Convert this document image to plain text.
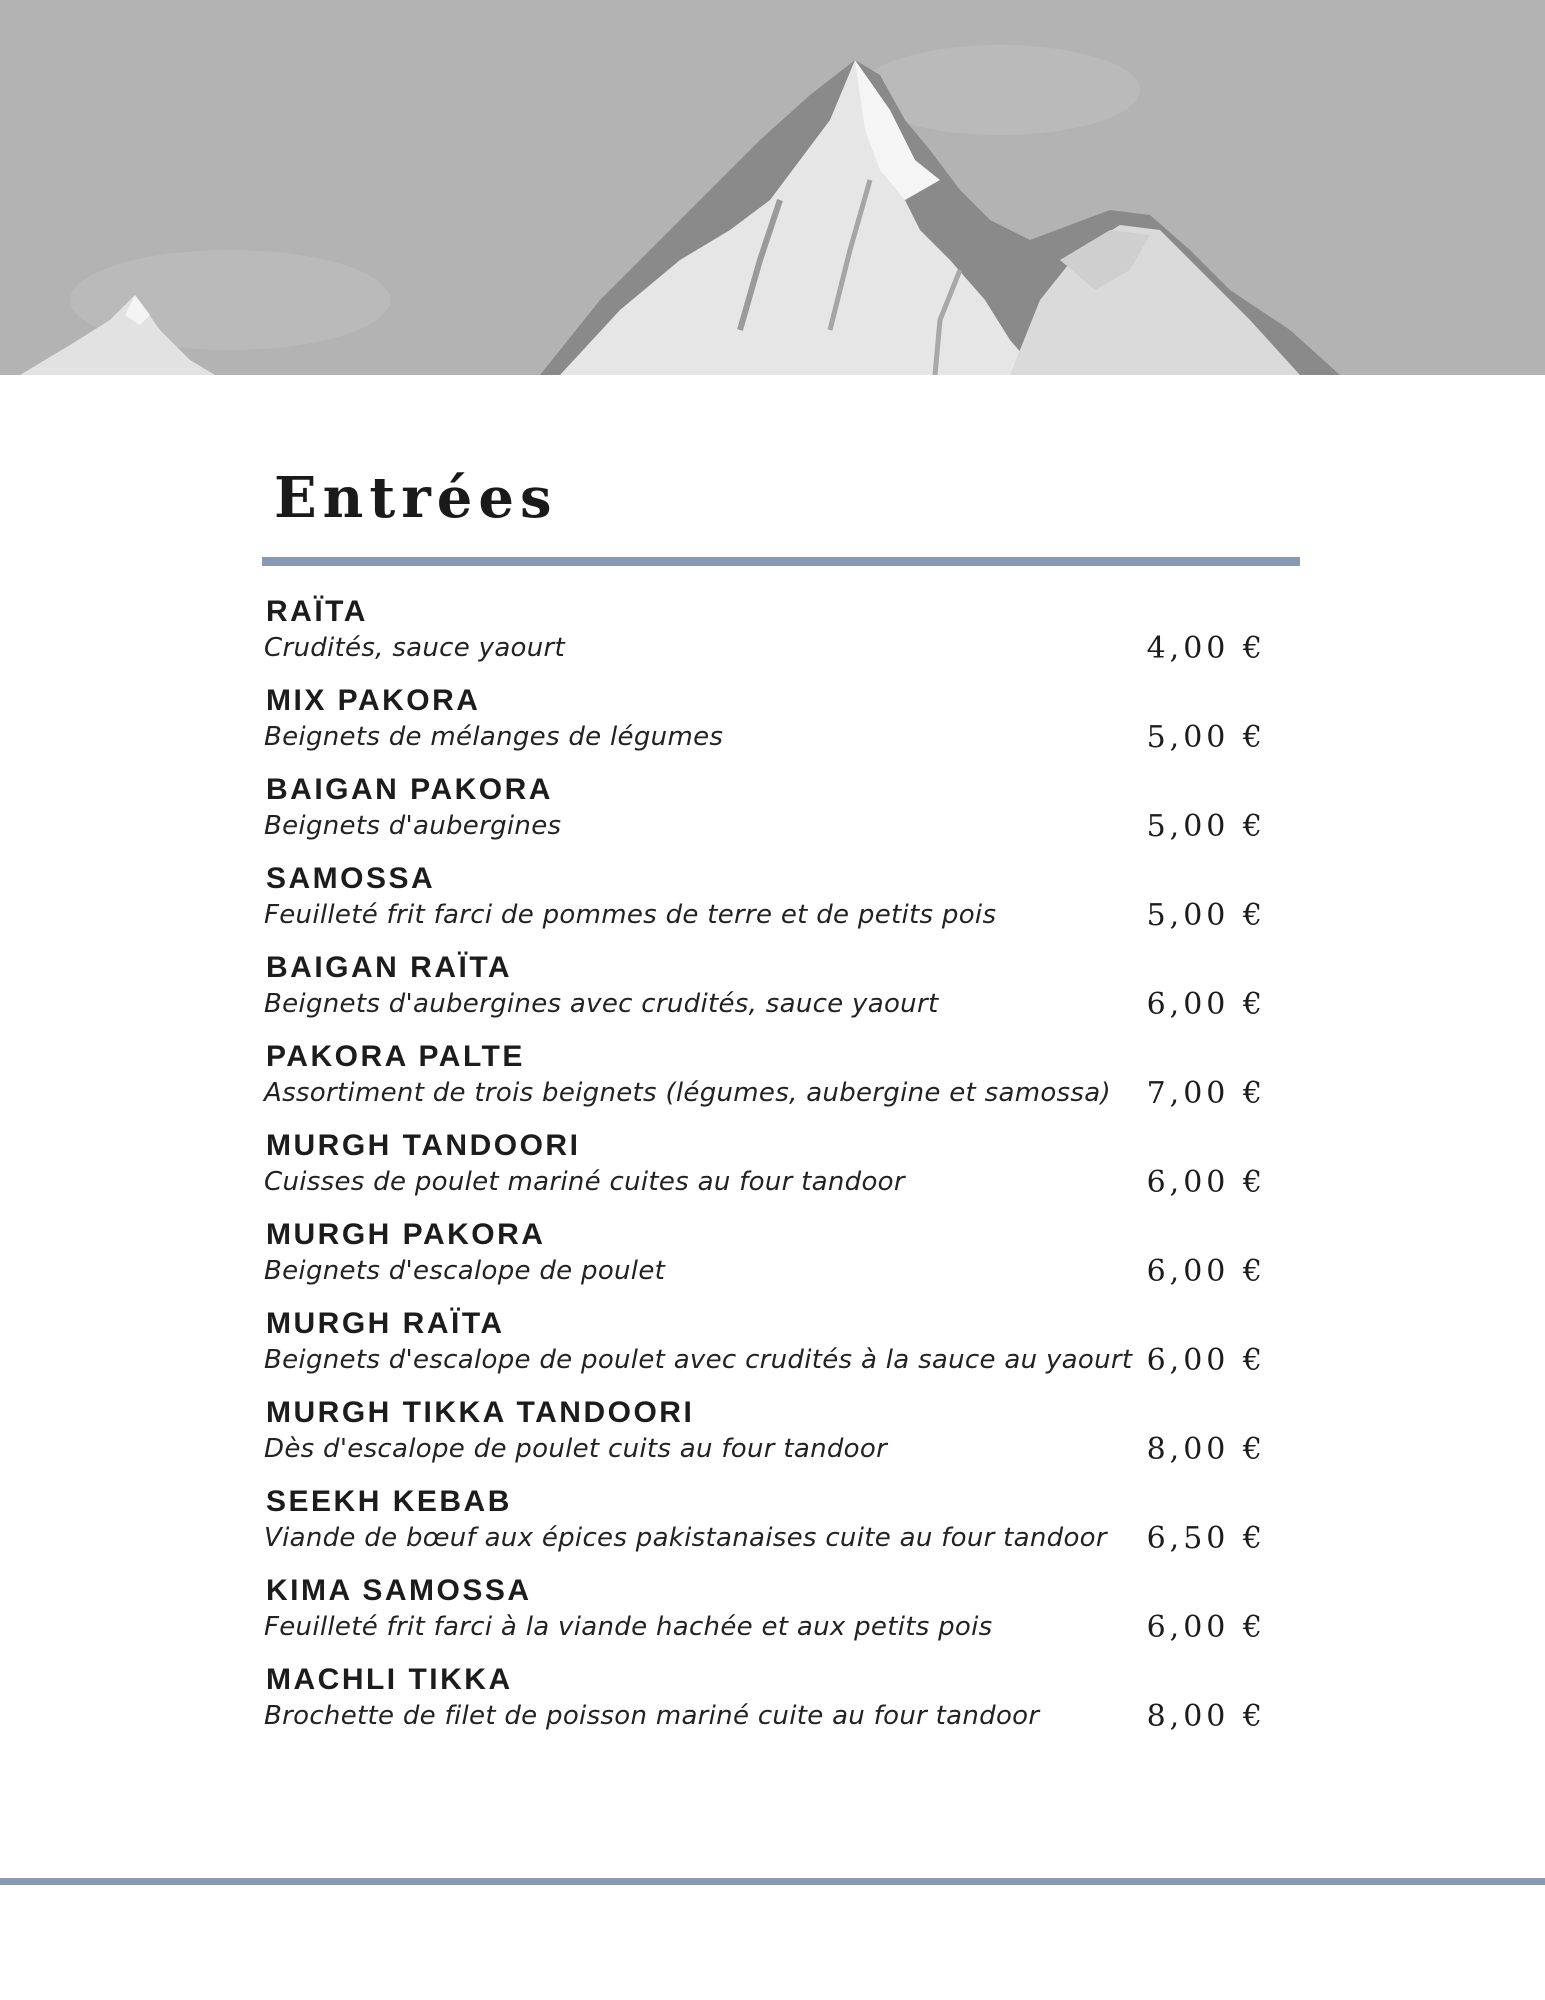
Entrées
RAÏTA
Crudités, sauce yaourt	4,00 €
MIX PAKORA
Beignets de mélanges de légumes	5,00 €
BAIGAN PAKORA
Beignets d'aubergines	5,00 €
SAMOSSA
Feuilleté frit farci de pommes de terre et de petits pois	5,00 €
BAIGAN RAÏTA
Beignets d'aubergines avec crudités, sauce yaourt	6,00 €
PAKORA PALTE
Assortiment de trois beignets (légumes, aubergine et samossa) 7,00 €
MURGH TANDOORI
Cuisses de poulet mariné cuites au four tandoor	6,00 €
MURGH PAKORA
Beignets d'escalope de poulet	6,00 €
MURGH RAÏTA
Beignets d'escalope de poulet avec crudités à la sauce au yaourt 6,00 €
MURGH TIKKA TANDOORI
Dès d'escalope de poulet cuits au four tandoor	8,00 €
SEEKH KEBAB
Viande de bœuf aux épices pakistanaises cuite au four tandoor 6,50 €
KIMA SAMOSSA
Feuilleté frit farci à la viande hachée et aux petits pois	6,00 €
MACHLI TIKKA
Brochette de filet de poisson mariné cuite au four tandoor	8,00 €
